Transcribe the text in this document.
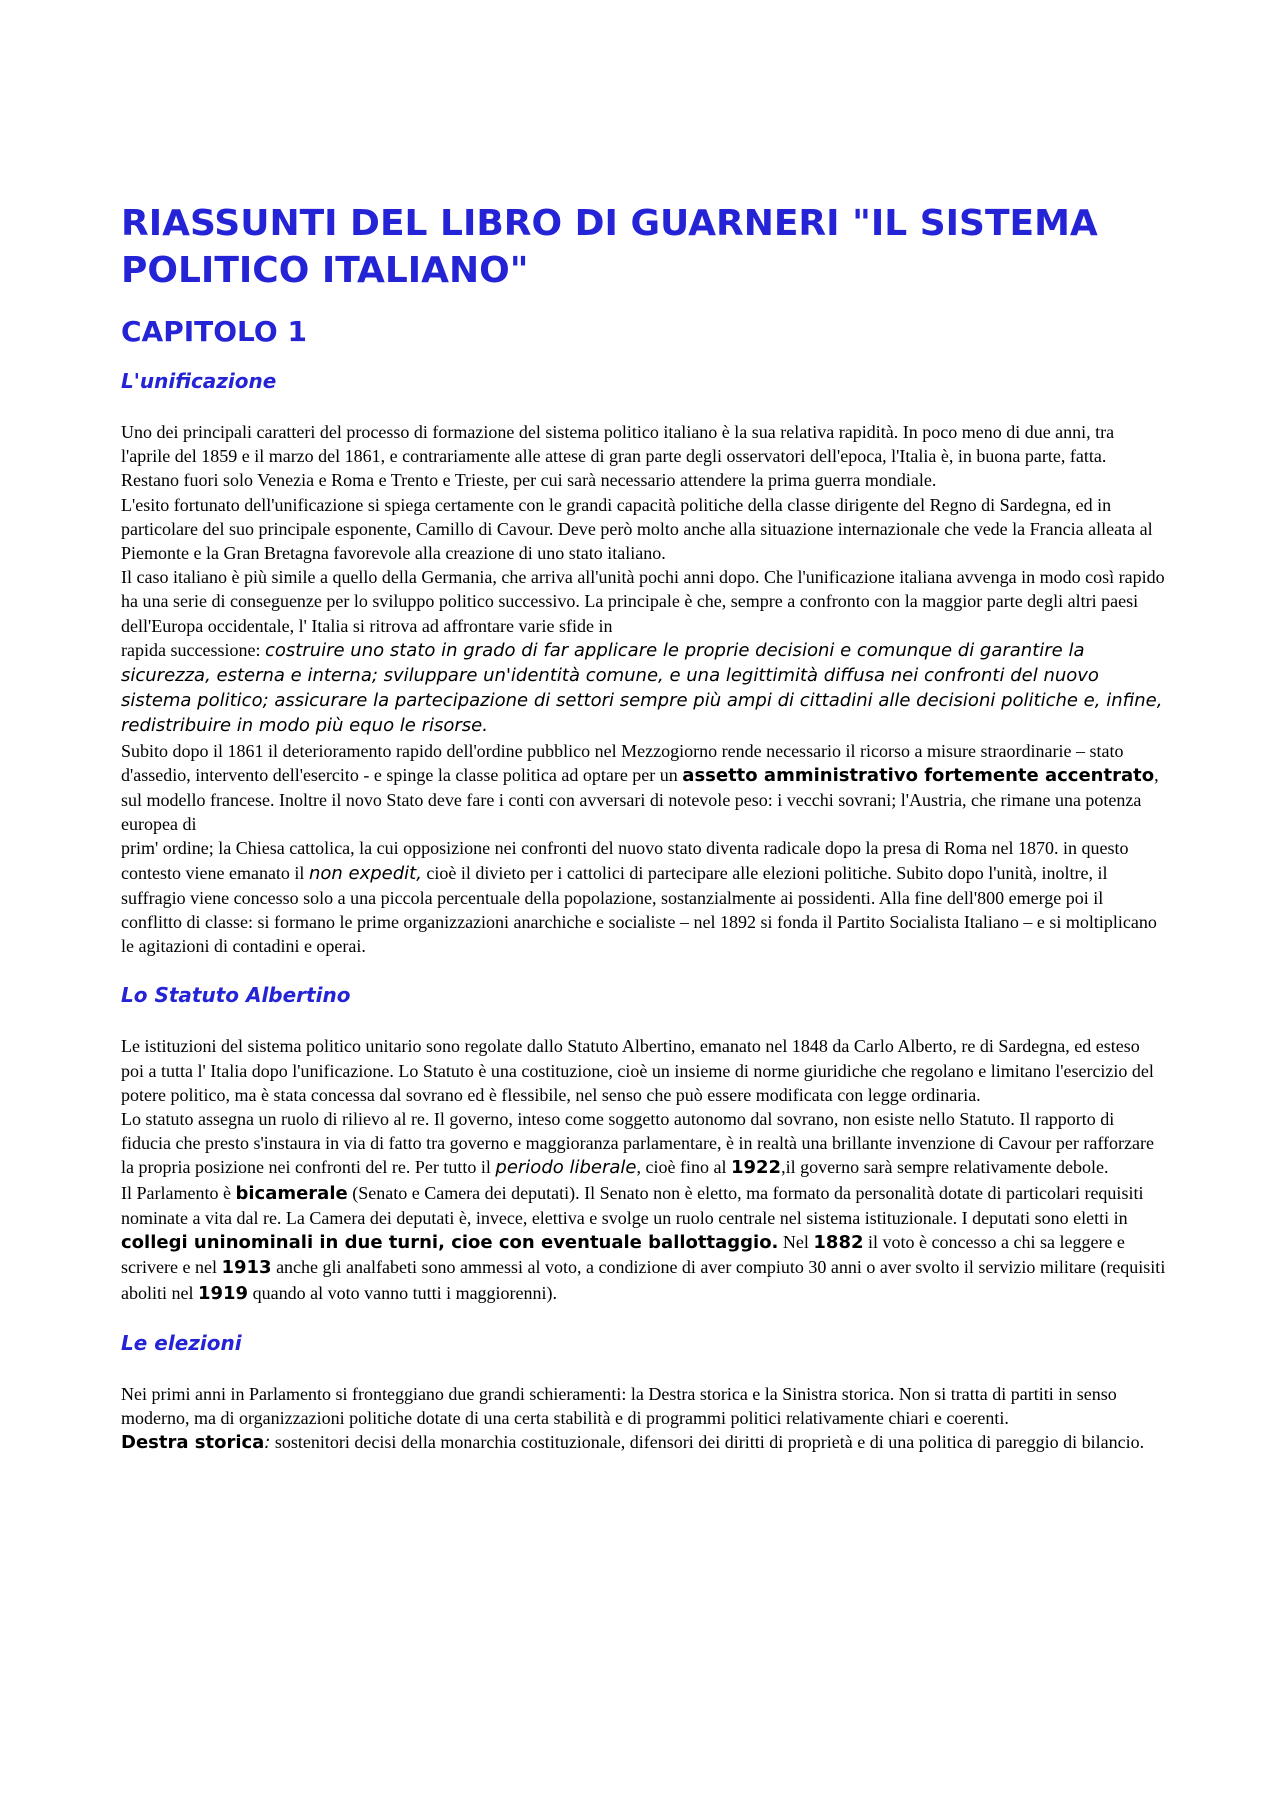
RIASSUNTI DEL LIBRO DI GUARNERI "IL SISTEMA POLITICO ITALIANO"
CAPITOLO 1
L'unificazione

Uno dei principali caratteri del processo di formazione del sistema politico italiano è la sua relativa rapidità. In poco meno di due anni, tra l'aprile del 1859 e il marzo del 1861, e contrariamente alle attese di gran parte degli osservatori dell'epoca, l'Italia è, in buona parte, fatta.

Restano fuori solo Venezia e Roma e Trento e Trieste, per cui sarà necessario attendere la prima guerra mondiale.

L'esito fortunato dell'unificazione si spiega certamente con le grandi capacità politiche della classe dirigente del Regno di Sardegna, ed in particolare del suo principale esponente, Camillo di Cavour. Deve però molto anche alla situazione internazionale che vede la Francia alleata al Piemonte e la Gran Bretagna favorevole alla creazione di uno stato italiano.

Il caso italiano è più simile a quello della Germania, che arriva all'unità pochi anni dopo. Che l'unificazione italiana avvenga in modo così rapido ha una serie di conseguenze per lo sviluppo politico successivo. La principale è che, sempre a confronto con la maggior parte degli altri paesi dell'Europa occidentale, l' Italia si ritrova ad affrontare varie sfide in

rapida successione: costruire uno stato in grado di far applicare le proprie decisioni e comunque di garantire la sicurezza, esterna e interna; sviluppare un'identità comune, e una legittimità diffusa nei confronti del nuovo sistema politico; assicurare la partecipazione di settori sempre più ampi di cittadini alle decisioni politiche e, infine, redistribuire in modo più equo le risorse.

Subito dopo il 1861 il deterioramento rapido dell'ordine pubblico nel Mezzogiorno rende necessario il ricorso a misure straordinarie – stato d'assedio, intervento dell'esercito - e spinge la classe politica ad optare per un assetto amministrativo fortemente accentrato, sul modello francese. Inoltre il novo Stato deve fare i conti con avversari di notevole peso: i vecchi sovrani; l'Austria, che rimane una potenza europea di

prim' ordine; la Chiesa cattolica, la cui opposizione nei confronti del nuovo stato diventa radicale dopo la presa di Roma nel 1870. in questo contesto viene emanato il non expedit, cioè il divieto per i cattolici di partecipare alle elezioni politiche. Subito dopo l'unità, inoltre, il suffragio viene concesso solo a una piccola percentuale della popolazione, sostanzialmente ai possidenti. Alla fine dell'800 emerge poi il

conflitto di classe: si formano le prime organizzazioni anarchiche e socialiste – nel 1892 si fonda il Partito Socialista Italiano – e si moltiplicano le agitazioni di contadini e operai.

Lo Statuto Albertino

Le istituzioni del sistema politico unitario sono regolate dallo Statuto Albertino, emanato nel 1848 da Carlo Alberto, re di Sardegna, ed esteso poi a tutta l' Italia dopo l'unificazione. Lo Statuto è una costituzione, cioè un insieme di norme giuridiche che regolano e limitano l'esercizio del potere politico, ma è stata concessa dal sovrano ed è flessibile, nel senso che può essere modificata con legge ordinaria.

Lo statuto assegna un ruolo di rilievo al re. Il governo, inteso come soggetto autonomo dal sovrano, non esiste nello Statuto. Il rapporto di fiducia che presto s'instaura in via di fatto tra governo e maggioranza parlamentare, è in realtà una brillante invenzione di Cavour per rafforzare la propria posizione nei confronti del re. Per tutto il periodo liberale, cioè fino al 1922,il governo sarà sempre relativamente debole.

Il Parlamento è bicamerale (Senato e Camera dei deputati). Il Senato non è eletto, ma formato da personalità dotate di particolari requisiti nominate a vita dal re. La Camera dei deputati è, invece, elettiva e svolge un ruolo centrale nel sistema istituzionale. I deputati sono eletti in collegi uninominali in due turni, cioe con eventuale ballottaggio. Nel 1882 il voto è concesso a chi sa leggere e scrivere e nel 1913 anche gli analfabeti sono ammessi al voto, a condizione di aver compiuto 30 anni o aver svolto il servizio militare (requisiti aboliti nel 1919 quando al voto vanno tutti i maggiorenni).

Le elezioni

Nei primi anni in Parlamento si fronteggiano due grandi schieramenti: la Destra storica e la Sinistra storica. Non si tratta di partiti in senso moderno, ma di organizzazioni politiche dotate di una certa stabilità e di programmi politici relativamente chiari e coerenti.

Destra storica: sostenitori decisi della monarchia costituzionale, difensori dei diritti di proprietà e di una politica di pareggio di bilancio.
